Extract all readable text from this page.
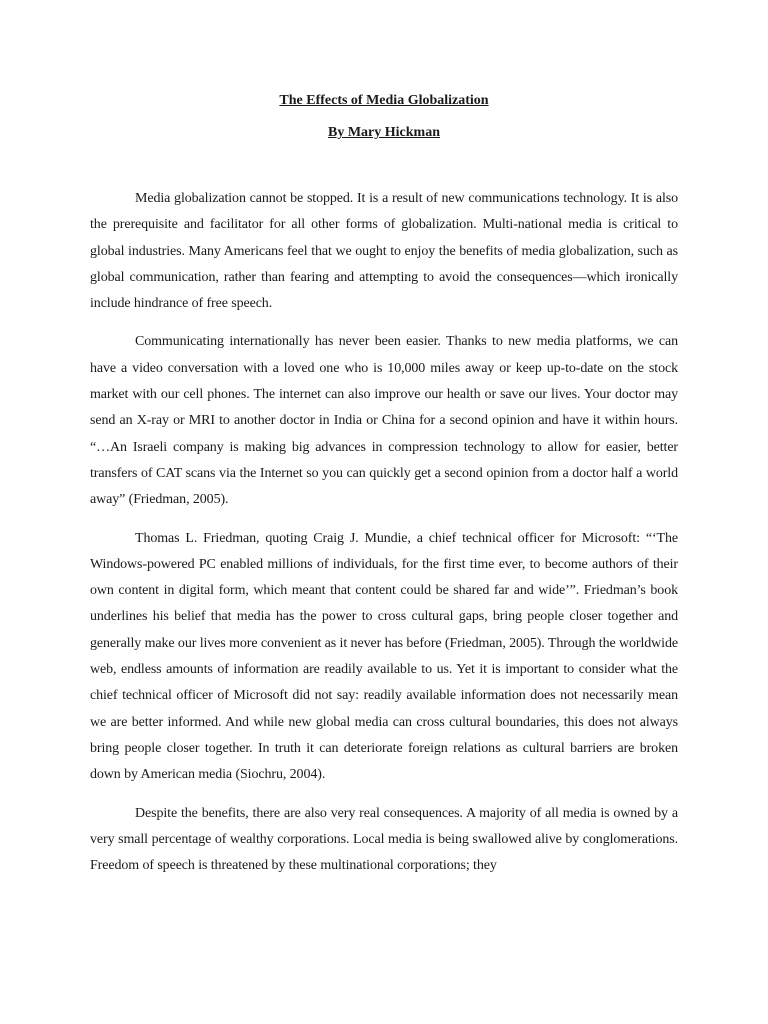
The Effects of Media Globalization
By Mary Hickman

Media globalization cannot be stopped. It is a result of new communications technology. It is also the prerequisite and facilitator for all other forms of globalization. Multi-national media is critical to global industries. Many Americans feel that we ought to enjoy the benefits of media globalization, such as global communication, rather than fearing and attempting to avoid the consequences—which ironically include hindrance of free speech.

Communicating internationally has never been easier. Thanks to new media platforms, we can have a video conversation with a loved one who is 10,000 miles away or keep up-to-date on the stock market with our cell phones. The internet can also improve our health or save our lives. Your doctor may send an X-ray or MRI to another doctor in India or China for a second opinion and have it within hours. “…An Israeli company is making big advances in compression technology to allow for easier, better transfers of CAT scans via the Internet so you can quickly get a second opinion from a doctor half a world away” (Friedman, 2005).

Thomas L. Friedman, quoting Craig J. Mundie, a chief technical officer for Microsoft: “‘The Windows-powered PC enabled millions of individuals, for the first time ever, to become authors of their own content in digital form, which meant that content could be shared far and wide’”. Friedman’s book underlines his belief that media has the power to cross cultural gaps, bring people closer together and generally make our lives more convenient as it never has before (Friedman, 2005). Through the worldwide web, endless amounts of information are readily available to us. Yet it is important to consider what the chief technical officer of Microsoft did not say: readily available information does not necessarily mean we are better informed. And while new global media can cross cultural boundaries, this does not always bring people closer together. In truth it can deteriorate foreign relations as cultural barriers are broken down by American media (Siochru, 2004).

Despite the benefits, there are also very real consequences. A majority of all media is owned by a very small percentage of wealthy corporations. Local media is being swallowed alive by conglomerations. Freedom of speech is threatened by these multinational corporations; they
